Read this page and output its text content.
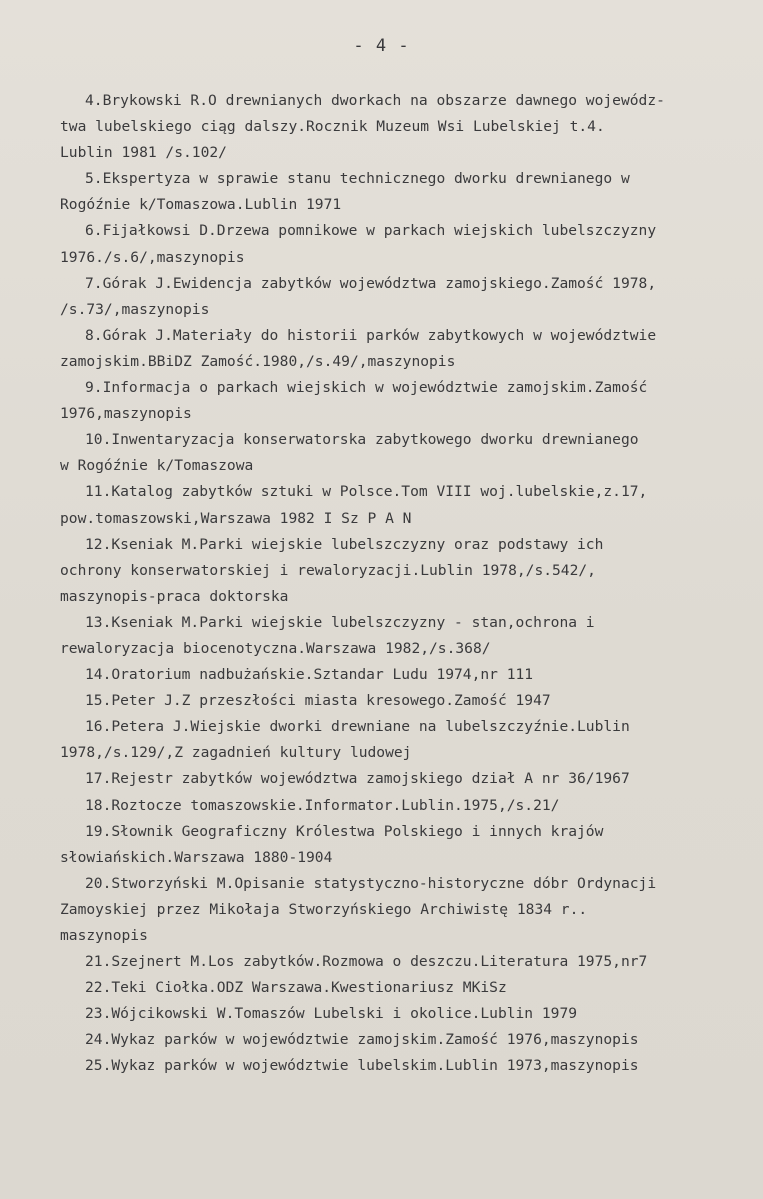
- 4 -
4.Brykowski R.O drewnianych dworkach na obszarze dawnego wojewódz-
twa lubelskiego ciąg dalszy.Rocznik Muzeum Wsi Lubelskiej t.4.
Lublin 1981 /s.102/
5.Ekspertyza w sprawie stanu technicznego dworku drewnianego w
Rogóźnie k/Tomaszowa.Lublin 1971
6.Fijałkowsi D.Drzewa pomnikowe w parkach wiejskich lubelszczyzny
1976./s.6/,maszynopis
7.Górak J.Ewidencja zabytków województwa zamojskiego.Zamość 1978,
/s.73/,maszynopis
8.Górak J.Materiały do historii parków zabytkowych w województwie
zamojskim.BBiDZ Zamość.1980,/s.49/,maszynopis
9.Informacja o parkach wiejskich w województwie zamojskim.Zamość
1976,maszynopis
10.Inwentaryzacja konserwatorska zabytkowego dworku drewnianego
w Rogóźnie k/Tomaszowa
11.Katalog zabytków sztuki w Polsce.Tom VIII woj.lubelskie,z.17,
pow.tomaszowski,Warszawa 1982 I Sz P A N
12.Kseniak M.Parki wiejskie lubelszczyzny oraz podstawy ich
ochrony konserwatorskiej i rewaloryzacji.Lublin 1978,/s.542/,
maszynopis-praca doktorska
13.Kseniak M.Parki wiejskie lubelszczyzny - stan,ochrona i
rewaloryzacja biocenotyczna.Warszawa 1982,/s.368/
14.Oratorium nadbużańskie.Sztandar Ludu 1974,nr 111
15.Peter J.Z przeszłości miasta kresowego.Zamość 1947
16.Petera J.Wiejskie dworki drewniane na lubelszczyźnie.Lublin
1978,/s.129/,Z zagadnień kultury ludowej
17.Rejestr zabytków województwa zamojskiego dział A nr 36/1967
18.Roztocze tomaszowskie.Informator.Lublin.1975,/s.21/
19.Słownik Geograficzny Królestwa Polskiego i innych krajów
słowiańskich.Warszawa 1880-1904
20.Stworzyński M.Opisanie statystyczno-historyczne dóbr Ordynacji
Zamoyskiej przez Mikołaja Stworzyńskiego Archiwistę 1834 r..
maszynopis
21.Szejnert M.Los zabytków.Rozmowa o deszczu.Literatura 1975,nr7
22.Teki Ciołka.ODZ Warszawa.Kwestionariusz MKiSz
23.Wójcikowski W.Tomaszów Lubelski i okolice.Lublin 1979
24.Wykaz parków w województwie zamojskim.Zamość 1976,maszynopis
25.Wykaz parków w województwie lubelskim.Lublin 1973,maszynopis
